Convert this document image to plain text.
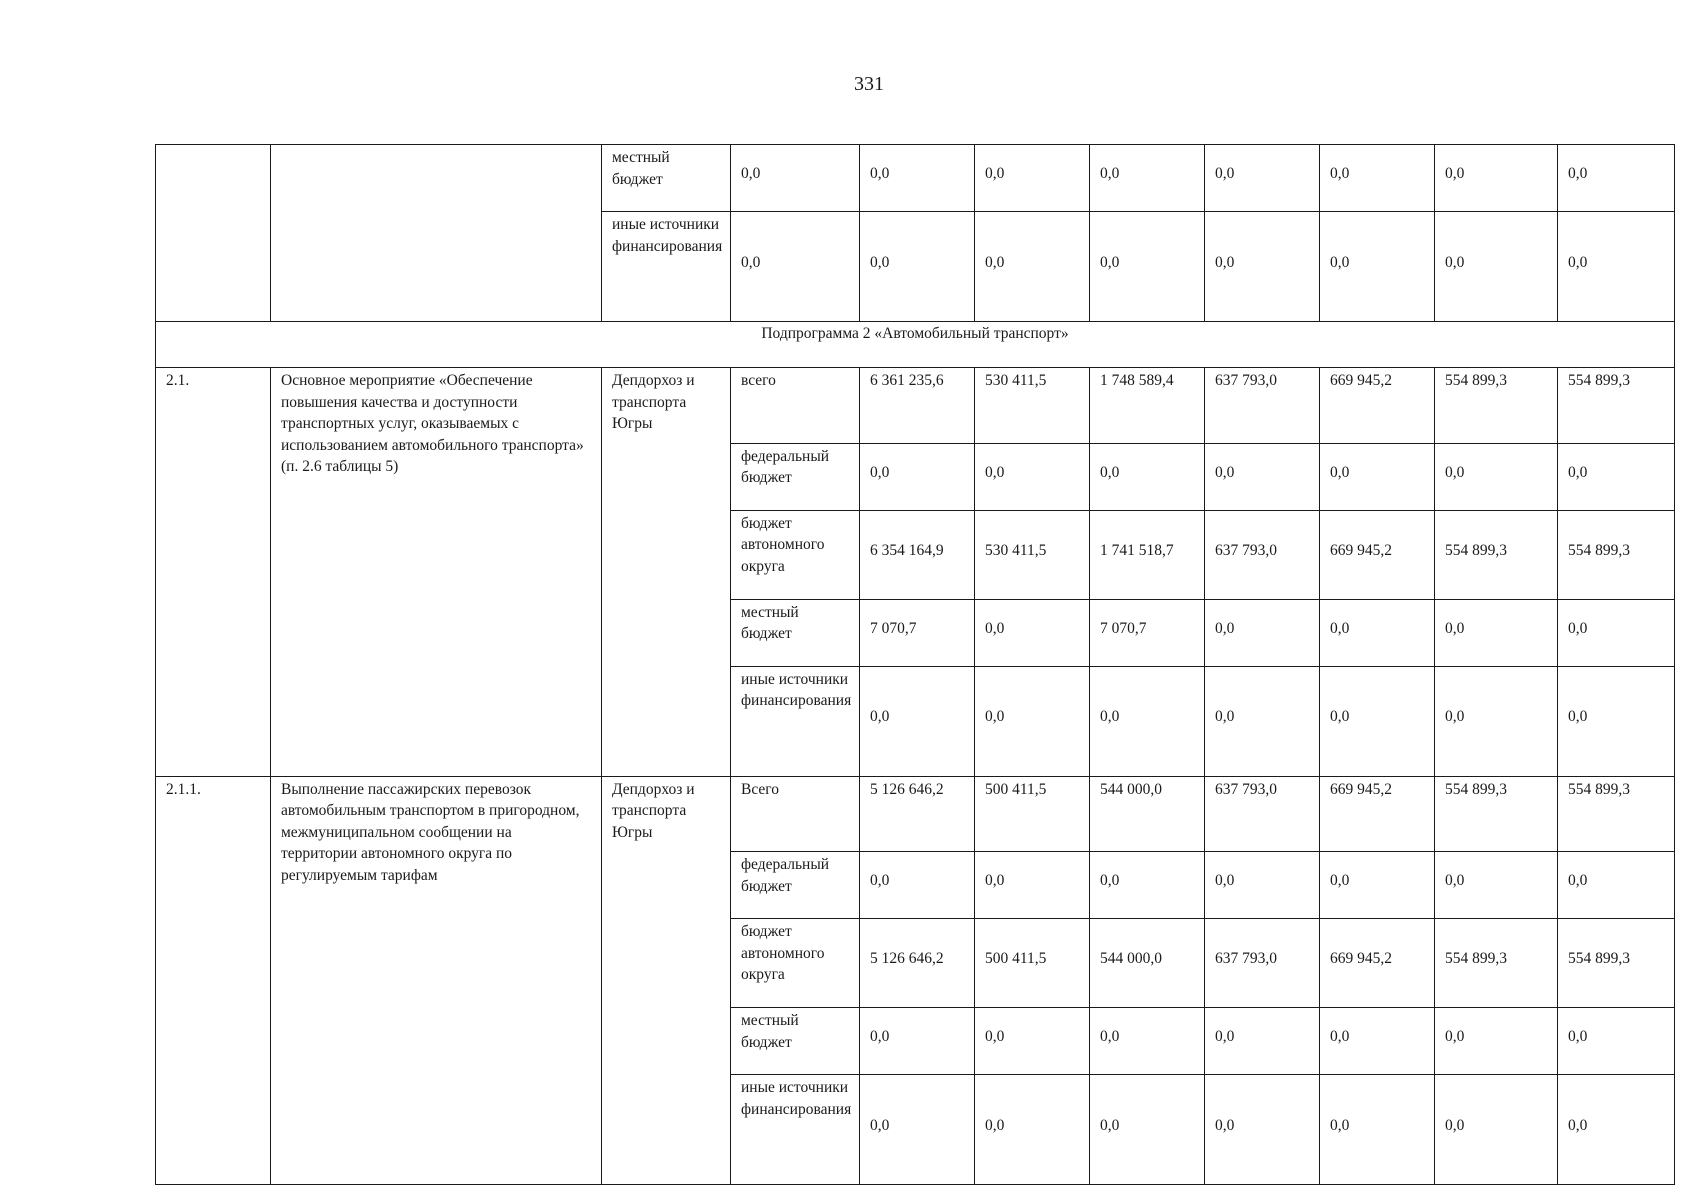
331
		местный бюджет	0,0	0,0	0,0	0,0	0,0	0,0	0,0	0,0	
		иные источники финансирования	0,0	0,0	0,0	0,0	0,0	0,0	0,0	0,0	
Подпрограмма 2 «Автомобильный транспорт»											
2.1.	Основное мероприятие «Обеспечение повышения качества и доступности транспортных услуг, оказываемых с использованием автомобильного транспорта» (п. 2.6 таблицы 5)	Депдорхоз и транспорта Югры	всего	6 361 235,6	530 411,5	1 748 589,4	637 793,0	669 945,2	554 899,3	554 899,3	
			федеральный бюджет	0,0	0,0	0,0	0,0	0,0	0,0	0,0	
			бюджет автономного округа	6 354 164,9	530 411,5	1 741 518,7	637 793,0	669 945,2	554 899,3	554 899,3	
			местный бюджет	7 070,7	0,0	7 070,7	0,0	0,0	0,0	0,0	
			иные источники финансирования	0,0	0,0	0,0	0,0	0,0	0,0	0,0	
2.1.1.	Выполнение пассажирских перевозок автомобильным транспортом в пригородном, межмуниципальном сообщении на территории автономного округа по регулируемым тарифам	Депдорхоз и транспорта Югры	Всего	5 126 646,2	500 411,5	544 000,0	637 793,0	669 945,2	554 899,3	554 899,3	
			федеральный бюджет	0,0	0,0	0,0	0,0	0,0	0,0	0,0	
			бюджет автономного округа	5 126 646,2	500 411,5	544 000,0	637 793,0	669 945,2	554 899,3	554 899,3	
			местный бюджет	0,0	0,0	0,0	0,0	0,0	0,0	0,0	
			иные источники финансирования	0,0	0,0	0,0	0,0	0,0	0,0	0,0	
